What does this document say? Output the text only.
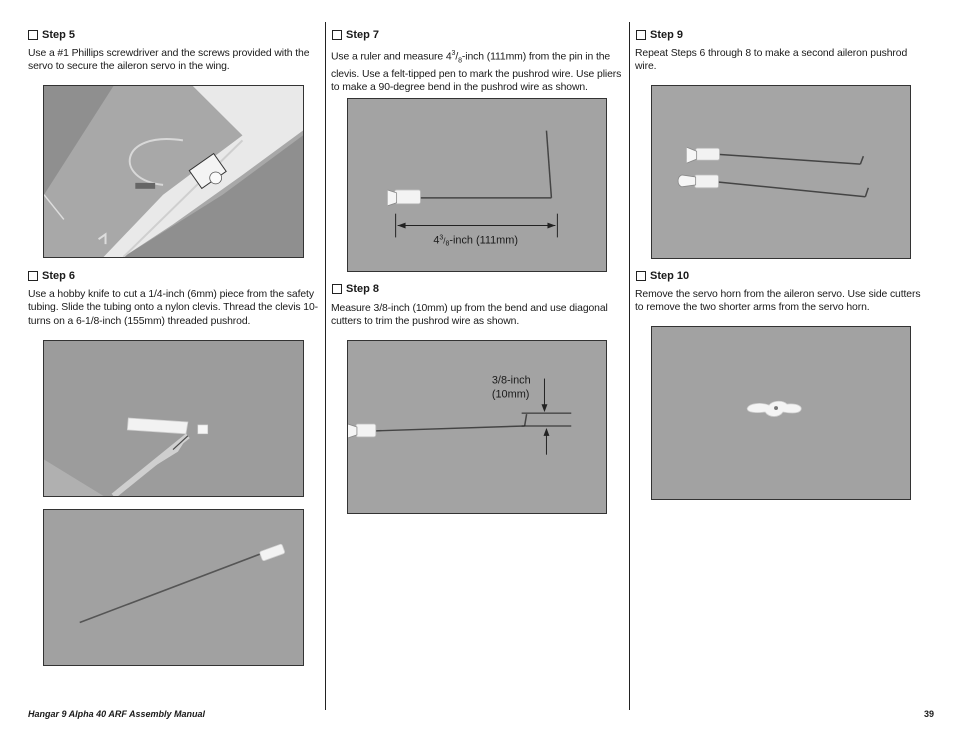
Step 5
Use a #1 Phillips screwdriver and the screws provided with the servo to secure the aileron servo in the wing.
Step 6
Use a hobby knife to cut a 1/4-inch (6mm) piece from the safety tubing. Slide the tubing onto a nylon clevis. Thread the clevis 10-turns on a 6-1/8-inch (155mm) threaded pushrod.
Step 7
Use a ruler and measure $4^3/_8$-inch (111mm) from the pin in the clevis. Use a felt-tipped pen to mark the pushrod wire. Use pliers to make a 90-degree bend in the pushrod wire as shown.
$4^3_/8$-inch (111mm)
Step 8
Measure 3/8-inch (10mm) up from the bend and use diagonal cutters to trim the pushrod wire as shown.
3/8-inch
(10mm)
Step 9
Repeat Steps 6 through 8 to make a second aileron pushrod wire.
Step 10
Remove the servo horn from the aileron servo. Use side cutters to remove the two shorter arms from the servo horn.
Hangar 9 Alpha 40 ARF Assembly Manual	39
